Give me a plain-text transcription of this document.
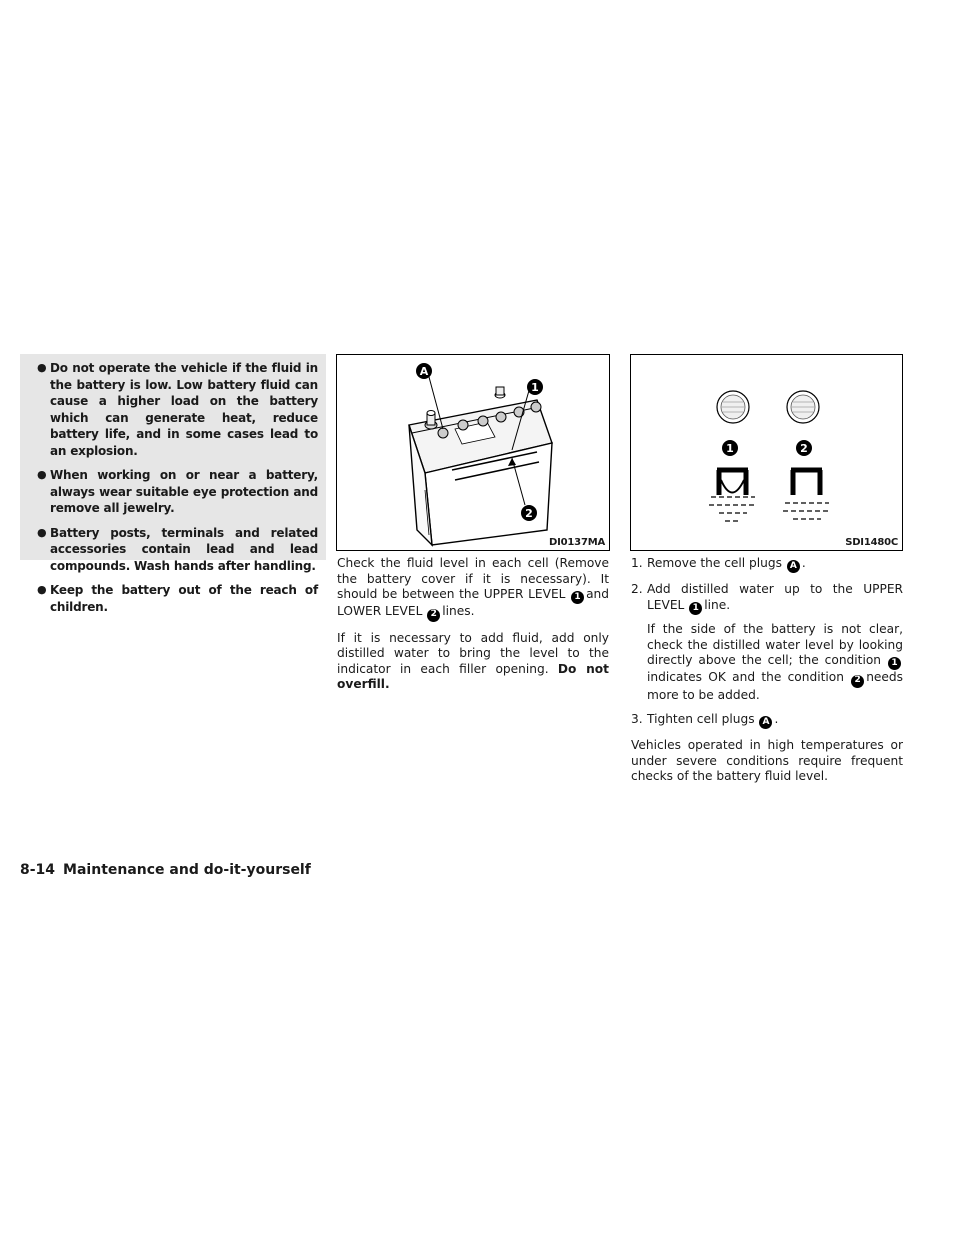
● Do not operate the vehicle if the fluid in the battery is low. Low battery fluid can cause a higher load on the battery which can generate heat, reduce battery life, and in some cases lead to an explosion.
● When working on or near a battery, always wear suitable eye protection and remove all jewelry.
● Battery posts, terminals and related accessories contain lead and lead compounds. Wash hands after handling.
● Keep the battery out of the reach of children.
A
1
2
DI0137MA
1	2
SDI1480C

Check the fluid level in each cell (Remove the battery cover if it is necessary). It should be between the UPPER LEVEL 1 and LOWER LEVEL 2 lines.

If it is necessary to add fluid, add only distilled water to bring the level to the indicator in each filler opening. Do not overfill.

1. Remove the cell plugs A .
2. Add distilled water up to the UPPER LEVEL 1 line.
If the side of the battery is not clear, check the distilled water level by looking directly above the cell; the condition 1indicates OK and the condition 2 needs more to be added.
3. Tighten cell plugs A .

Vehicles operated in high temperatures or under severe conditions require frequent checks of the battery fluid level.

8-14 Maintenance and do-it-yourself
